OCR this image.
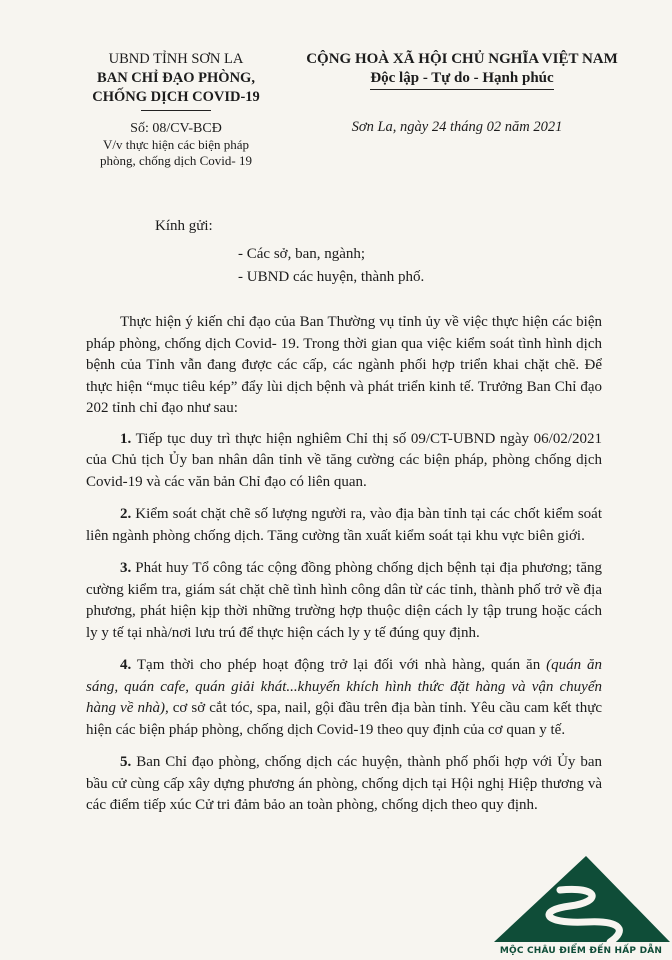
UBND TỈNH SƠN LA
BAN CHỈ ĐẠO PHÒNG,
CHỐNG DỊCH COVID-19
CỘNG HOÀ XÃ HỘI CHỦ NGHĨA VIỆT NAM
Độc lập - Tự do - Hạnh phúc
Số: 08/CV-BCĐ
V/v thực hiện các biện pháp
phòng, chống dịch Covid- 19
Sơn La, ngày 24 tháng 02 năm 2021
Kính gửi:
- Các sở, ban, ngành;
- UBND các huyện, thành phố.

Thực hiện ý kiến chỉ đạo của Ban Thường vụ tỉnh ủy về việc thực hiện các biện pháp phòng, chống dịch Covid- 19. Trong thời gian qua việc kiểm soát tình hình dịch bệnh của Tỉnh vẫn đang được các cấp, các ngành phối hợp triển khai chặt chẽ. Để thực hiện “mục tiêu kép” đẩy lùi dịch bệnh và phát triển kinh tế. Trưởng Ban Chỉ đạo 202 tỉnh chỉ đạo như sau:

1. Tiếp tục duy trì thực hiện nghiêm Chỉ thị số 09/CT-UBND ngày 06/02/2021 của Chủ tịch Ủy ban nhân dân tỉnh về tăng cường các biện pháp, phòng chống dịch Covid-19 và các văn bản Chỉ đạo có liên quan.

2. Kiểm soát chặt chẽ số lượng người ra, vào địa bàn tỉnh tại các chốt kiểm soát liên ngành phòng chống dịch. Tăng cường tần xuất kiểm soát tại khu vực biên giới.

3. Phát huy Tổ công tác cộng đồng phòng chống dịch bệnh tại địa phương; tăng cường kiểm tra, giám sát chặt chẽ tình hình công dân từ các tỉnh, thành phố trở về địa phương, phát hiện kịp thời những trường hợp thuộc diện cách ly tập trung hoặc cách ly y tế tại nhà/nơi lưu trú để thực hiện cách ly y tế đúng quy định.

4. Tạm thời cho phép hoạt động trở lại đối với nhà hàng, quán ăn (quán ăn sáng, quán cafe, quán giải khát...khuyến khích hình thức đặt hàng và vận chuyển hàng về nhà), cơ sở cắt tóc, spa, nail, gội đầu trên địa bàn tỉnh. Yêu cầu cam kết thực hiện các biện pháp phòng, chống dịch Covid-19 theo quy định của cơ quan y tế.

5. Ban Chỉ đạo phòng, chống dịch các huyện, thành phố phối hợp với Ủy ban bầu cử cùng cấp xây dựng phương án phòng, chống dịch tại Hội nghị Hiệp thương và các điểm tiếp xúc Cử tri đảm bảo an toàn phòng, chống dịch theo quy định.

MỘC CHÂU ĐIỂM ĐẾN HẤP DẪN
